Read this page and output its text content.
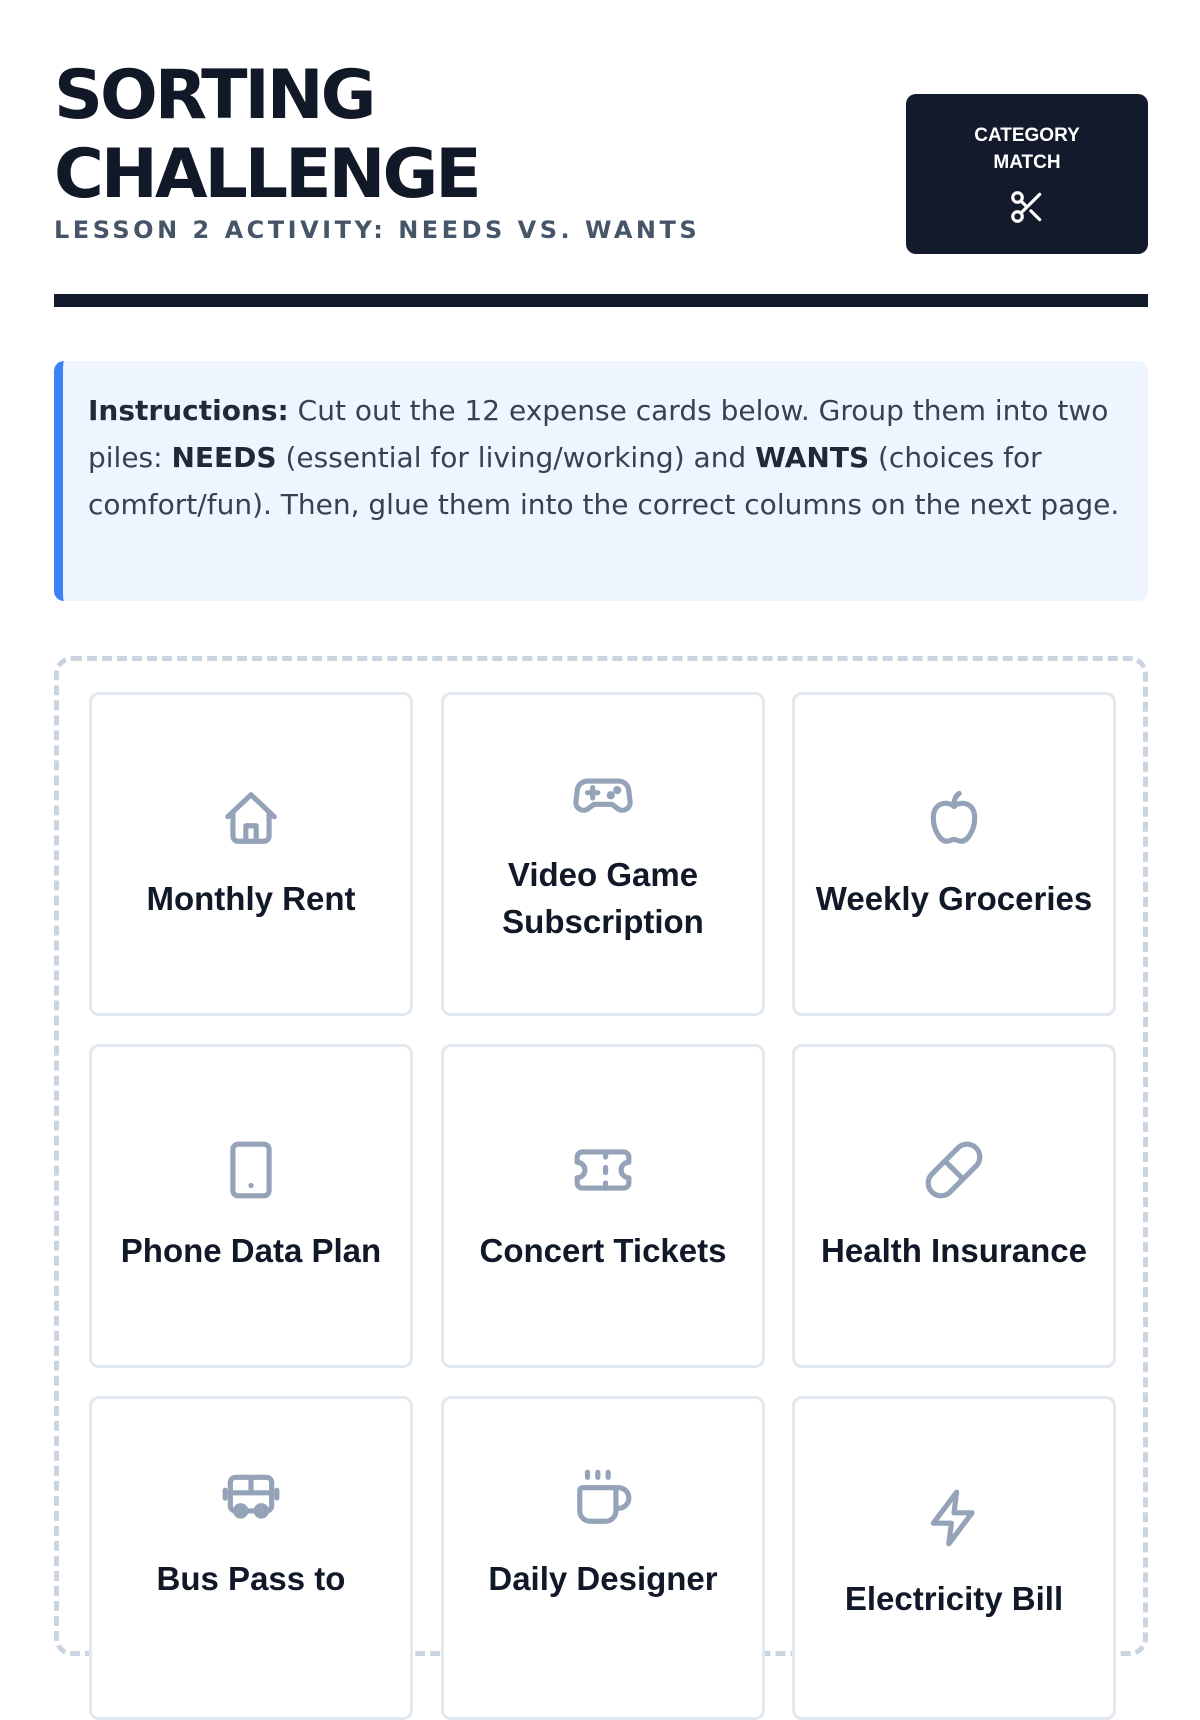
SORTING
CHALLENGE
LESSON 2 ACTIVITY: NEEDS VS. WANTS
CATEGORY
MATCH
Instructions: Cut out the 12 expense cards below. Group them into two piles: NEEDS (essential for living/working) and WANTS (choices for comfort/fun). Then, glue them into the correct columns on the next page.
Monthly Rent
Video Game Subscription
Weekly Groceries
Phone Data Plan	Concert Tickets	Health Insurance
Bus Pass to	Daily Designer
Electricity Bill
